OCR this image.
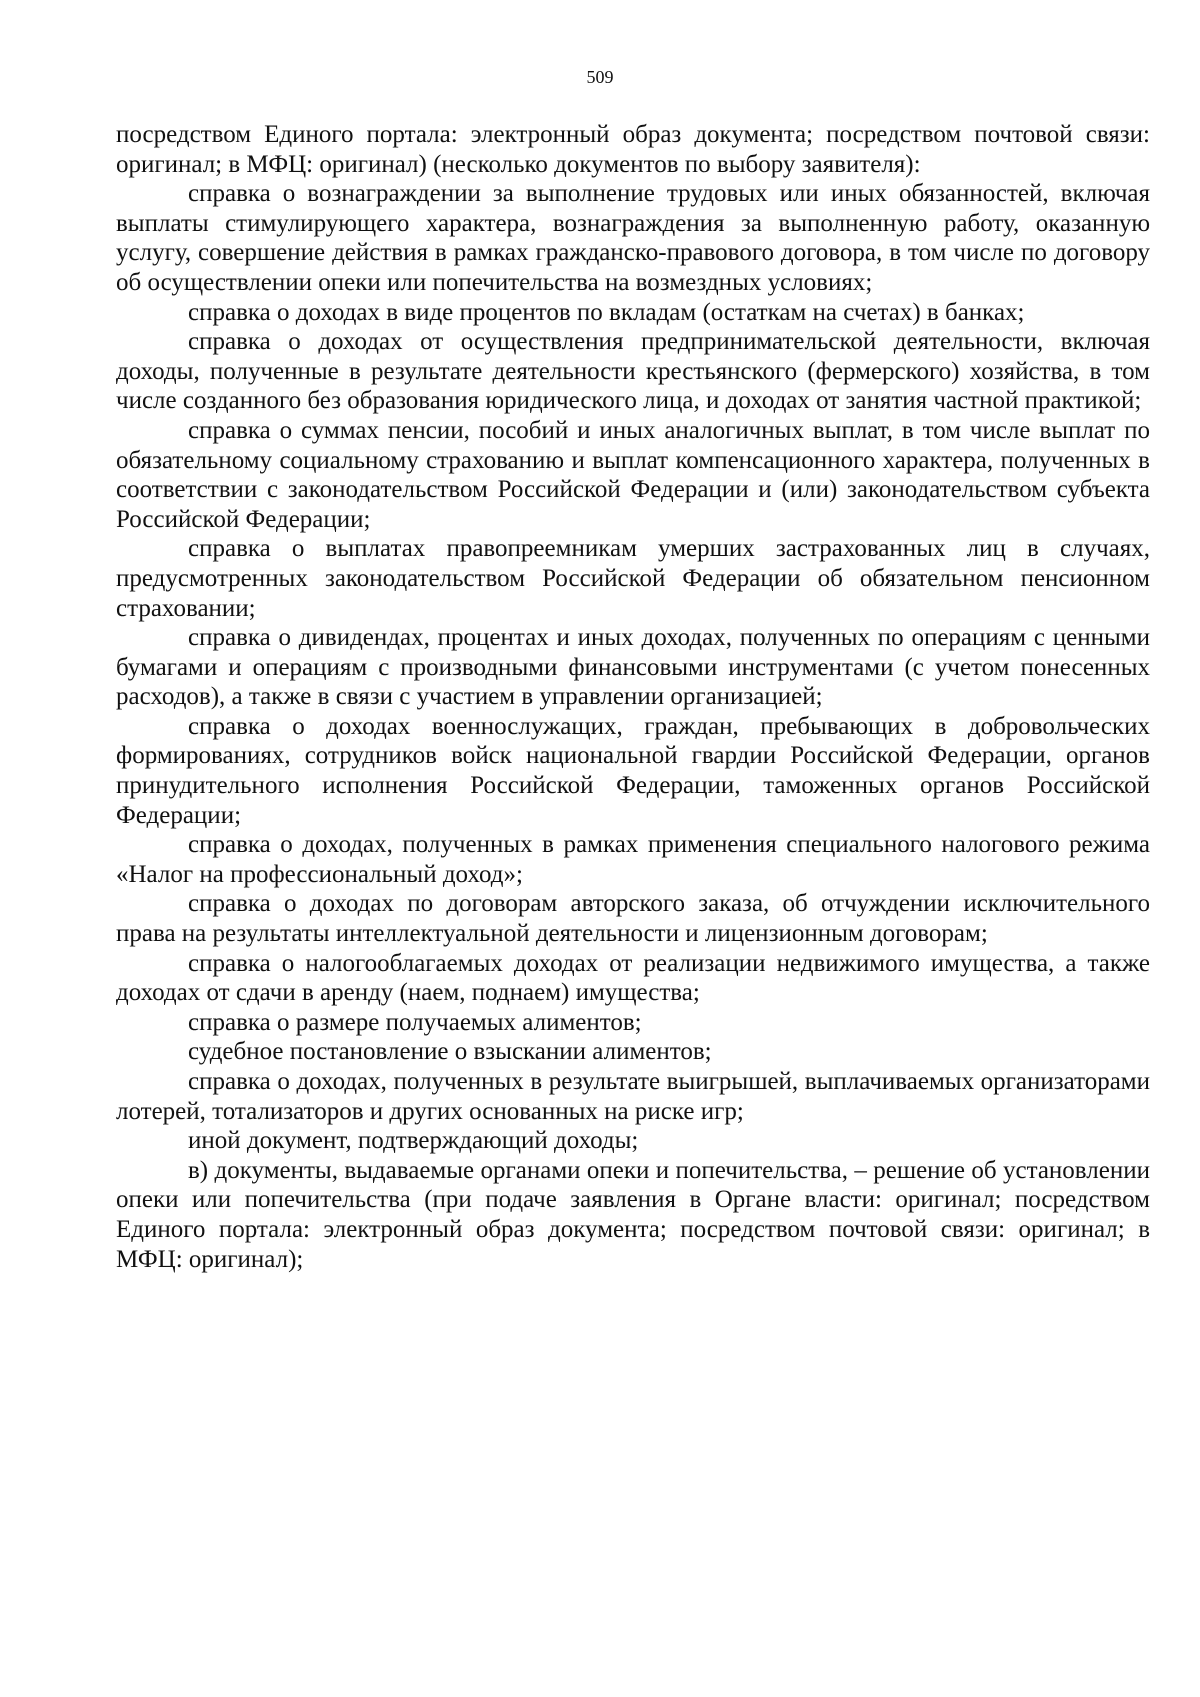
509

посредством Единого портала: электронный образ документа; посредством почтовой связи: оригинал; в МФЦ: оригинал) (несколько документов по выбору заявителя):

справка о вознаграждении за выполнение трудовых или иных обязанностей, включая выплаты стимулирующего характера, вознаграждения за выполненную работу, оказанную услугу, совершение действия в рамках гражданско-правового договора, в том числе по договору об осуществлении опеки или попечительства на возмездных условиях;

справка о доходах в виде процентов по вкладам (остаткам на счетах) в банках;

справка о доходах от осуществления предпринимательской деятельности, включая доходы, полученные в результате деятельности крестьянского (фермерского) хозяйства, в том числе созданного без образования юридического лица, и доходах от занятия частной практикой;

справка о суммах пенсии, пособий и иных аналогичных выплат, в том числе выплат по обязательному социальному страхованию и выплат компенсационного характера, полученных в соответствии с законодательством Российской Федерации и (или) законодательством субъекта Российской Федерации;

справка о выплатах правопреемникам умерших застрахованных лиц в случаях, предусмотренных законодательством Российской Федерации об обязательном пенсионном страховании;

справка о дивидендах, процентах и иных доходах, полученных по операциям с ценными бумагами и операциям с производными финансовыми инструментами (с учетом понесенных расходов), а также в связи с участием в управлении организацией;

справка о доходах военнослужащих, граждан, пребывающих в добровольческих формированиях, сотрудников войск национальной гвардии Российской Федерации, органов принудительного исполнения Российской Федерации, таможенных органов Российской Федерации;

справка о доходах, полученных в рамках применения специального налогового режима «Налог на профессиональный доход»;

справка о доходах по договорам авторского заказа, об отчуждении исключительного права на результаты интеллектуальной деятельности и лицензионным договорам;

справка о налогооблагаемых доходах от реализации недвижимого имущества, а также доходах от сдачи в аренду (наем, поднаем) имущества;

справка о размере получаемых алиментов;

судебное постановление о взыскании алиментов;

справка о доходах, полученных в результате выигрышей, выплачиваемых организаторами лотерей, тотализаторов и других основанных на риске игр;

иной документ, подтверждающий доходы;

в) документы, выдаваемые органами опеки и попечительства, – решение об установлении опеки или попечительства (при подаче заявления в Органе власти: оригинал; посредством Единого портала: электронный образ документа; посредством почтовой связи: оригинал; в МФЦ: оригинал);
